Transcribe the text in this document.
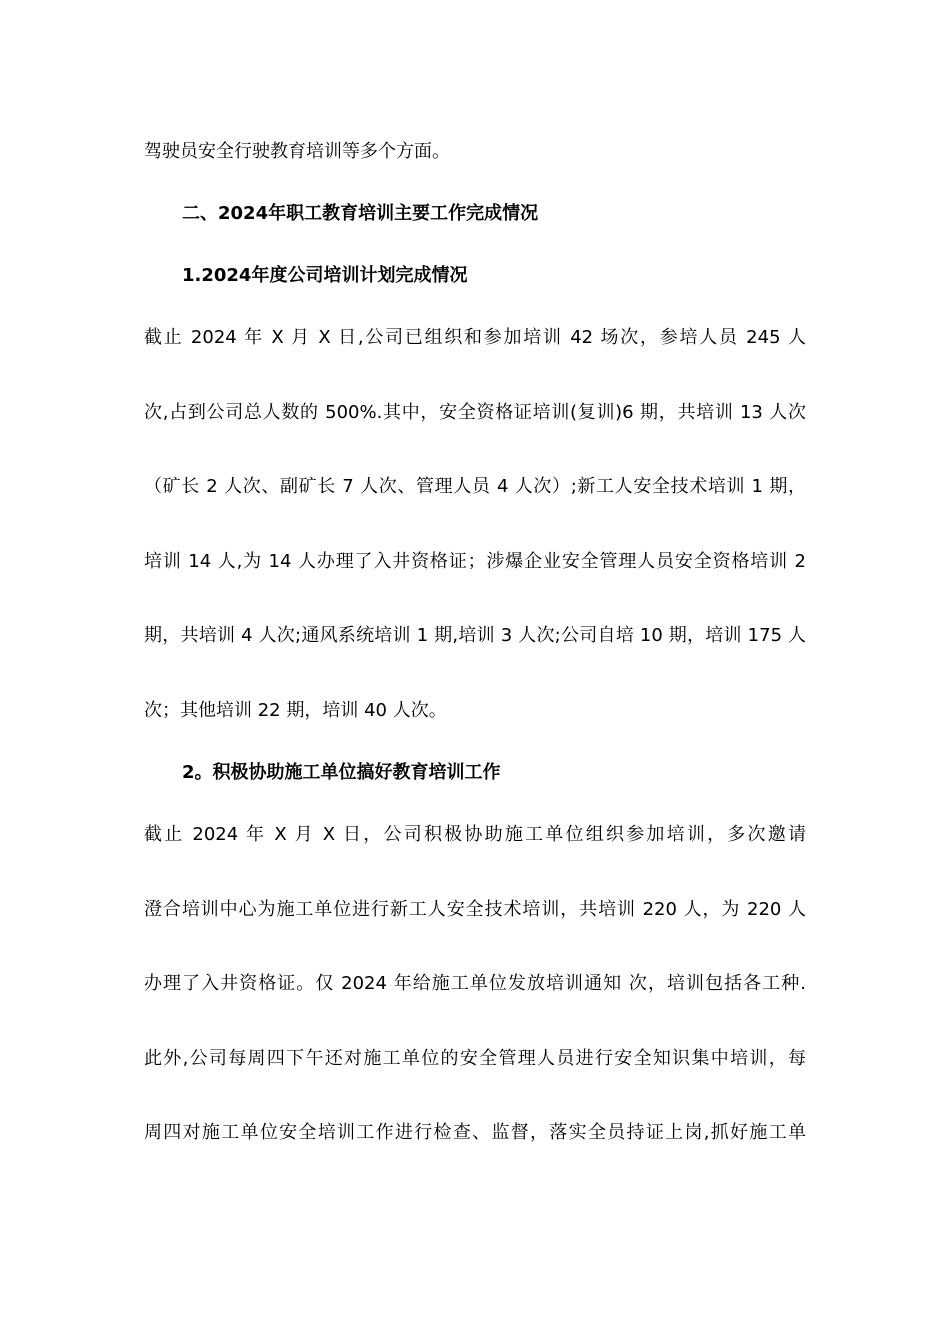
驾驶员安全行驶教育培训等多个方面。
二、2024年职工教育培训主要工作完成情况
1.2024年度公司培训计划完成情况
截止 2024 年 X 月 X 日,公司已组织和参加培训 42 场次，参培人员 245 人
次,占到公司总人数的 500%.其中，安全资格证培训(复训)6 期，共培训 13 人次
（矿长 2 人次、副矿长 7 人次、管理人员 4 人次）;新工人安全技术培训 1 期，
培训 14 人,为 14 人办理了入井资格证；涉爆企业安全管理人员安全资格培训 2
期，共培训 4 人次;通风系统培训 1 期,培训 3 人次;公司自培 10 期，培训 175 人
次；其他培训 22 期，培训 40 人次。
2。积极协助施工单位搞好教育培训工作
截止 2024 年 X 月 X 日，公司积极协助施工单位组织参加培训，多次邀请
澄合培训中心为施工单位进行新工人安全技术培训，共培训 220 人，为 220 人
办理了入井资格证。仅 2024 年给施工单位发放培训通知 次，培训包括各工种.
此外,公司每周四下午还对施工单位的安全管理人员进行安全知识集中培训，每
周四对施工单位安全培训工作进行检查、监督，落实全员持证上岗,抓好施工单
